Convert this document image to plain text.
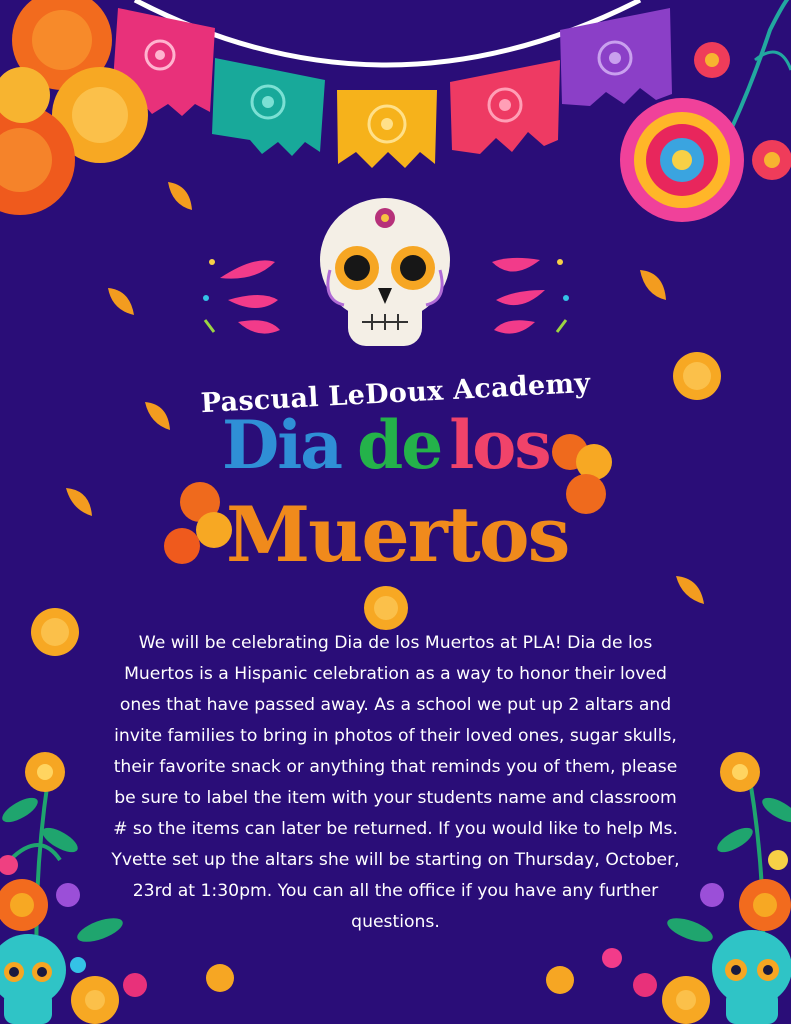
Pascual LeDoux Academy
Dia de los
Muertos
We will be celebrating Dia de los Muertos at PLA! Dia de los Muertos is a Hispanic celebration as a way to honor their loved ones that have passed away. As a school we put up 2 altars and invite families to bring in photos of their loved ones, sugar skulls, their favorite snack or anything that reminds you of them, please be sure to label the item with your students name and classroom # so the items can later be returned. If you would like to help Ms. Yvette set up the altars she will be starting on Thursday, October, 23rd at 1:30pm. You can all the office if you have any further questions.
